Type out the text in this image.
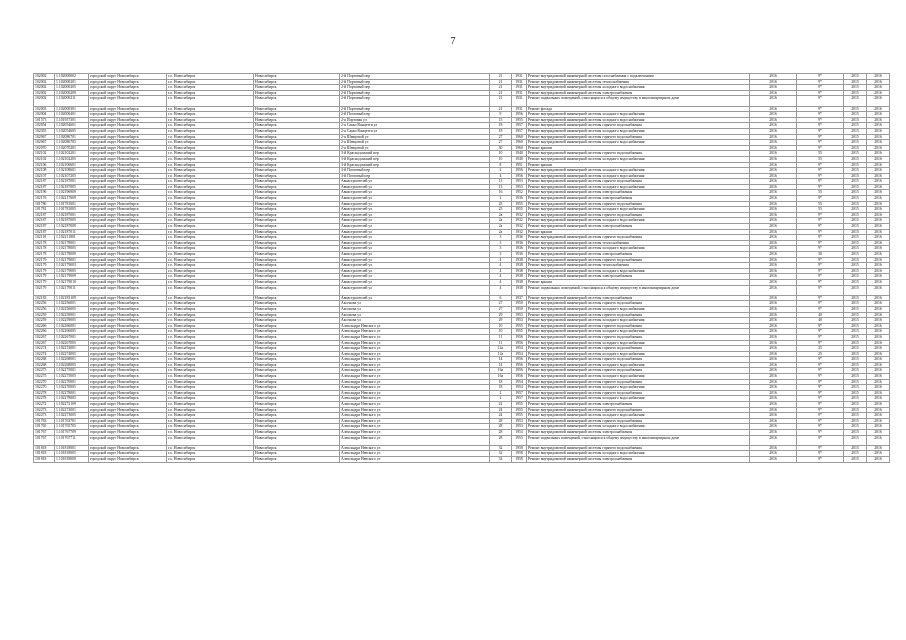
7
102002	1.102000002	городской округ Новосибирск	г.о. Новосибирск	Новосибирск	2-й Портовый пер	21	1931	Ремонт внутридомовой инженерной системы газоснабжения с подключением	2016	9*	2015	2016
102002	1.102000201	городской округ Новосибирск	г.о. Новосибирск	Новосибирск	2-й Портовый пер	21	1931	Ремонт внутридомовой инженерной системы теплоснабжения	2016	9*	2015	2016
102002	1.102000205	городской округ Новосибирск	г.о. Новосибирск	Новосибирск	2-й Портовый пер	21	1931	Ремонт внутридомовой инженерной системы холодного водоснабжения	2016	9*	2015	2016
102002	1.102000209	городской округ Новосибирск	г.о. Новосибирск	Новосибирск	2-й Портовый пер	21	1931	Ремонт внутридомовой инженерной системы электроснабжения	2016	9*	2015	2016
102002	1.102000211	городской округ Новосибирск	г.о. Новосибирск	Новосибирск	2-й Портовый пер	21	1931	Ремонт подвальных помещений, относящихся к общему имуществу в многоквартирном доме	2016	9*	2015	2016
102003	1.102000301	городской округ Новосибирск	г.о. Новосибирск	Новосибирск	2-й Портовый пер	21	1931	Ремонт фасада	2016	9*	2015	2016
102004	1.102000401	городской округ Новосибирск	г.о. Новосибирск	Новосибирск	2-й Почтовый пер	9	1956	Ремонт внутридомовой инженерной системы холодного водоснабжения	2016	9*	2015	2016
101573	1.101957301	городской округ Новосибирск	г.о. Новосибирск	Новосибирск	2-я Портовая ул	15	1955	Ремонт внутридомовой инженерной системы холодного водоснабжения	2016	9*	2015	2016
102054	1.102054601	городской округ Новосибирск	г.о. Новосибирск	Новосибирск	2-я Сакко Ванцетти ул	18	1957	Ремонт внутридомовой инженерной системы горячего водоснабжения	2016	9*	2015	2016
102055	1.102054605	городской округ Новосибирск	г.о. Новосибирск	Новосибирск	2-я Сакко Ванцетти ул	18	1957	Ремонт внутридомовой инженерной системы холодного водоснабжения	2016	9*	2015	2016
102067	1.102086701	городской округ Новосибирск	г.о. Новосибирск	Новосибирск	2-я Шевцовой ул	27	1960	Ремонт внутридомовой инженерной системы горячего водоснабжения	2016	9*	2015	2016
102067	1.102086705	городской округ Новосибирск	г.о. Новосибирск	Новосибирск	2-я Шевцовой ул	27	1960	Ремонт внутридомовой инженерной системы холодного водоснабжения	2016	9*	2015	2016
102070	1.102070201	городской округ Новосибирск	г.о. Новосибирск	Новосибирск	2-я Шевцовой ул	30	1960	Ремонт крыши	2016	9*	2015	2016
102102	1.102102201	городской округ Новосибирск	г.о. Новосибирск	Новосибирск	3-й Краснодонский пер	10	1940	Ремонт внутридомовой инженерной системы горячего водоснабжения	2016	55	2015	2016
102102	1.102102205	городской округ Новосибирск	г.о. Новосибирск	Новосибирск	3-й Краснодонский пер	10	1940	Ремонт внутридомовой инженерной системы холодного водоснабжения	2016	55	2015	2016
102106	1.102106601	городской округ Новосибирск	г.о. Новосибирск	Новосибирск	3-й Краснодонский пер	8	1951	Ремонт крыши	2016	9*	2015	2016
102108	1.102108601	городской округ Новосибирск	г.о. Новосибирск	Новосибирск	3-й Почтовый пер	2	1956	Ремонт внутридомовой инженерной системы холодного водоснабжения	2016	9*	2015	2016
102107	1.102107205	городской округ Новосибирск	г.о. Новосибирск	Новосибирск	3-й Почтовый пер	4	1956	Ремонт внутридомовой инженерной системы холодного водоснабжения	2016	9*	2015	2016
102187	1.102187001	городской округ Новосибирск	г.о. Новосибирск	Новосибирск	Авиастроителей ул	13	1953	Ремонт внутридомовой инженерной системы горячего водоснабжения	2016	9*	2015	2016
102187	1.102187005	городской округ Новосибирск	г.о. Новосибирск	Новосибирск	Авиастроителей ул	13	1953	Ремонт внутридомовой инженерной системы холодного водоснабжения	2016	9*	2015	2016
102196	1.102196909	городской округ Новосибирск	г.о. Новосибирск	Новосибирск	Авиастроителей ул	16	1952	Ремонт внутридомовой инженерной системы электроснабжения	2016	55	2015	2016
102176	1.102217609	городской округ Новосибирск	г.о. Новосибирск	Новосибирск	Авиастроителей ул	2	1936	Ремонт внутридомовой инженерной системы электроснабжения	2016	9*	2015	2016
101780	1.101781001	городской округ Новосибирск	г.о. Новосибирск	Новосибирск	Авиастроителей ул	25	1955	Ремонт внутридомовой инженерной системы горячего водоснабжения	2016	55	2015	2016
101781	1.101781005	городской округ Новосибирск	г.о. Новосибирск	Новосибирск	Авиастроителей ул	25	1955	Ремонт внутридомовой инженерной системы холодного водоснабжения	2016	55	2015	2016
102187	1.102187001	городской округ Новосибирск	г.о. Новосибирск	Новосибирск	Авиастроителей ул	2а	1932	Ремонт внутридомовой инженерной системы горячего водоснабжения	2016	9*	2015	2016
102187	1.102187005	городской округ Новосибирск	г.о. Новосибирск	Новосибирск	Авиастроителей ул	2а	1932	Ремонт внутридомовой инженерной системы холодного водоснабжения	2016	9*	2015	2016
102187	1.102187009	городской округ Новосибирск	г.о. Новосибирск	Новосибирск	Авиастроителей ул	2а	1932	Ремонт внутридомовой инженерной системы электроснабжения	2016	9*	2015	2016
102187	1.102187011	городской округ Новосибирск	г.о. Новосибирск	Новосибирск	Авиастроителей ул	2а	1932	Ремонт крыши	2016	9*	2015	2016
102118	1.102211801	городской округ Новосибирск	г.о. Новосибирск	Новосибирск	Авиастроителей ул	3	1936	Ремонт внутридомовой инженерной системы горячего водоснабжения	2016	9*	2015	2016
102178	1.102178001	городской округ Новосибирск	г.о. Новосибирск	Новосибирск	Авиастроителей ул	3	1936	Ремонт внутридомовой инженерной системы теплоснабжения	2016	9*	2015	2016
102178	1.102178005	городской округ Новосибирск	г.о. Новосибирск	Новосибирск	Авиастроителей ул	3	1936	Ремонт внутридомовой инженерной системы холодного водоснабжения	2016	9*	2015	2016
102178	1.102178009	городской округ Новосибирск	г.о. Новосибирск	Новосибирск	Авиастроителей ул	3	1936	Ремонт внутридомовой инженерной системы электроснабжения	2016	30	2015	2016
102179	1.102179001	городской округ Новосибирск	г.о. Новосибирск	Новосибирск	Авиастроителей ул	4	1938	Ремонт внутридомовой инженерной системы горячего водоснабжения	2016	9*	2015	2016
102179	1.102179003	городской округ Новосибирск	г.о. Новосибирск	Новосибирск	Авиастроителей ул	4	1938	Ремонт внутридомовой инженерной системы теплоснабжения	2016	9*	2015	2016
102179	1.102179005	городской округ Новосибирск	г.о. Новосибирск	Новосибирск	Авиастроителей ул	4	1938	Ремонт внутридомовой инженерной системы холодного водоснабжения	2016	9*	2015	2016
102179	1.102179009	городской округ Новосибирск	г.о. Новосибирск	Новосибирск	Авиастроителей ул	4	1938	Ремонт внутридомовой инженерной системы электроснабжения	2016	9*	2015	2016
102179	1.102179010	городской округ Новосибирск	г.о. Новосибирск	Новосибирск	Авиастроителей ул	4	1938	Ремонт крыши	2016	9*	2015	2016
102179	1.102179011	городской округ Новосибирск	г.о. Новосибирск	Новосибирск	Авиастроителей ул	4	1938	Ремонт подвальных помещений, относящихся к общему имуществу в многоквартирном доме	2016	9*	2015	2016
102183	1.102183109	городской округ Новосибирск	г.о. Новосибирск	Новосибирск	Авиастроителей ул	6	1937	Ремонт внутридомовой инженерной системы электроснабжения	2016	9*	2015	2016
102256	1.102256001	городской округ Новосибирск	г.о. Новосибирск	Новосибирск	Аксенова ул	27	1950	Ремонт внутридомовой инженерной системы горячего водоснабжения	2016	9*	2015	2016
102256	1.102256005	городской округ Новосибирск	г.о. Новосибирск	Новосибирск	Аксенова ул	27	1950	Ремонт внутридомовой инженерной системы холодного водоснабжения	2016	9*	2015	2016
102259	1.102259001	городской округ Новосибирск	г.о. Новосибирск	Новосибирск	Аксенова ул	29	1953	Ремонт внутридомовой инженерной системы горячего водоснабжения	2016	40	2015	2016
102259	1.102259005	городской округ Новосибирск	г.о. Новосибирск	Новосибирск	Аксенова ул	29	1953	Ремонт внутридомовой инженерной системы холодного водоснабжения	2016	40	2015	2016
102266	1.102266001	городской округ Новосибирск	г.о. Новосибирск	Новосибирск	Александра Невского ул	10	1955	Ремонт внутридомовой инженерной системы горячего водоснабжения	2016	9*	2015	2016
102266	1.102266005	городской округ Новосибирск	г.о. Новосибирск	Новосибирск	Александра Невского ул	10	1955	Ремонт внутридомовой инженерной системы холодного водоснабжения	2016	9*	2015	2016
102267	1.102267001	городской округ Новосибирск	г.о. Новосибирск	Новосибирск	Александра Невского ул	11	1956	Ремонт внутридомовой инженерной системы горячего водоснабжения	2016	9*	2015	2016
102267	1.102267005	городской округ Новосибирск	г.о. Новосибирск	Новосибирск	Александра Невского ул	11	1956	Ремонт внутридомовой инженерной системы холодного водоснабжения	2016	9*	2015	2016
102274	1.102274001	городской округ Новосибирск	г.о. Новосибирск	Новосибирск	Александра Невского ул	12а	1954	Ремонт внутридомовой инженерной системы горячего водоснабжения	2016	25	2015	2016
102274	1.102274005	городской округ Новосибирск	г.о. Новосибирск	Новосибирск	Александра Невского ул	12а	1954	Ремонт внутридомовой инженерной системы холодного водоснабжения	2016	25	2015	2016
102268	1.102268001	городской округ Новосибирск	г.о. Новосибирск	Новосибирск	Александра Невского ул	14	1956	Ремонт внутридомовой инженерной системы горячего водоснабжения	2016	9*	2015	2016
102268	1.102268005	городской округ Новосибирск	г.о. Новосибирск	Новосибирск	Александра Невского ул	14	1956	Ремонт внутридомовой инженерной системы холодного водоснабжения	2016	9*	2015	2016
102275	1.102275001	городской округ Новосибирск	г.о. Новосибирск	Новосибирск	Александра Невского ул	16а	1956	Ремонт внутридомовой инженерной системы горячего водоснабжения	2016	9*	2015	2016
102275	1.102275005	городской округ Новосибирск	г.о. Новосибирск	Новосибирск	Александра Невского ул	16а	1956	Ремонт внутридомовой инженерной системы холодного водоснабжения	2016	9*	2015	2016
102270	1.102270001	городской округ Новосибирск	г.о. Новосибирск	Новосибирск	Александра Невского ул	18	1954	Ремонт внутридомовой инженерной системы горячего водоснабжения	2016	9*	2015	2016
102270	1.102270005	городской округ Новосибирск	г.о. Новосибирск	Новосибирск	Александра Невского ул	18	1954	Ремонт внутридомовой инженерной системы холодного водоснабжения	2016	9*	2015	2016
102278	1.102278001	городской округ Новосибирск	г.о. Новосибирск	Новосибирск	Александра Невского ул	2	1957	Ремонт внутридомовой инженерной системы горячего водоснабжения	2016	9*	2015	2016
102278	1.102278005	городской округ Новосибирск	г.о. Новосибирск	Новосибирск	Александра Невского ул	2	1957	Ремонт внутридомовой инженерной системы холодного водоснабжения	2016	9*	2015	2016
102272	1.102272109	городской округ Новосибирск	г.о. Новосибирск	Новосибирск	Александра Невского ул	22	1955	Ремонт внутридомовой инженерной системы электроснабжения	2016	9*	2015	2016
102273	1.102273001	городской округ Новосибирск	г.о. Новосибирск	Новосибирск	Александра Невского ул	24	1955	Ремонт внутридомовой инженерной системы горячего водоснабжения	2016	9*	2015	2016
102273	1.102273005	городской округ Новосибирск	г.о. Новосибирск	Новосибирск	Александра Невского ул	24	1955	Ремонт внутридомовой инженерной системы холодного водоснабжения	2016	9*	2015	2016
101763	1.101763701	городской округ Новосибирск	г.о. Новосибирск	Новосибирск	Александра Невского ул	28	1953	Ремонт внутридомовой инженерной системы горячего водоснабжения	2016	9*	2015	2016
101765	1.101765705	городской округ Новосибирск	г.о. Новосибирск	Новосибирск	Александра Невского ул	28	1953	Ремонт внутридомовой инженерной системы холодного водоснабжения	2016	9*	2015	2016
101767	1.101767709	городской округ Новосибирск	г.о. Новосибирск	Новосибирск	Александра Невского ул	28	1953	Ремонт внутридомовой инженерной системы электроснабжения	2016	9*	2015	2016
101767	1.101767711	городской округ Новосибирск	г.о. Новосибирск	Новосибирск	Александра Невского ул	28	1953	Ремонт подвальных помещений, относящихся к общему имуществу в многоквартирном доме	2016	9*	2015	2016
101818	1.101818001	городской округ Новосибирск	г.о. Новосибирск	Новосибирск	Александра Невского ул	32	1958	Ремонт внутридомовой инженерной системы горячего водоснабжения	2016	9*	2015	2016
101818	1.101818005	городской округ Новосибирск	г.о. Новосибирск	Новосибирск	Александра Невского ул	32	1958	Ремонт внутридомовой инженерной системы холодного водоснабжения	2016	9*	2015	2016
101818	1.101818009	городской округ Новосибирск	г.о. Новосибирск	Новосибирск	Александра Невского ул	32	1958	Ремонт внутридомовой инженерной системы электроснабжения	2016	9*	2015	2016
